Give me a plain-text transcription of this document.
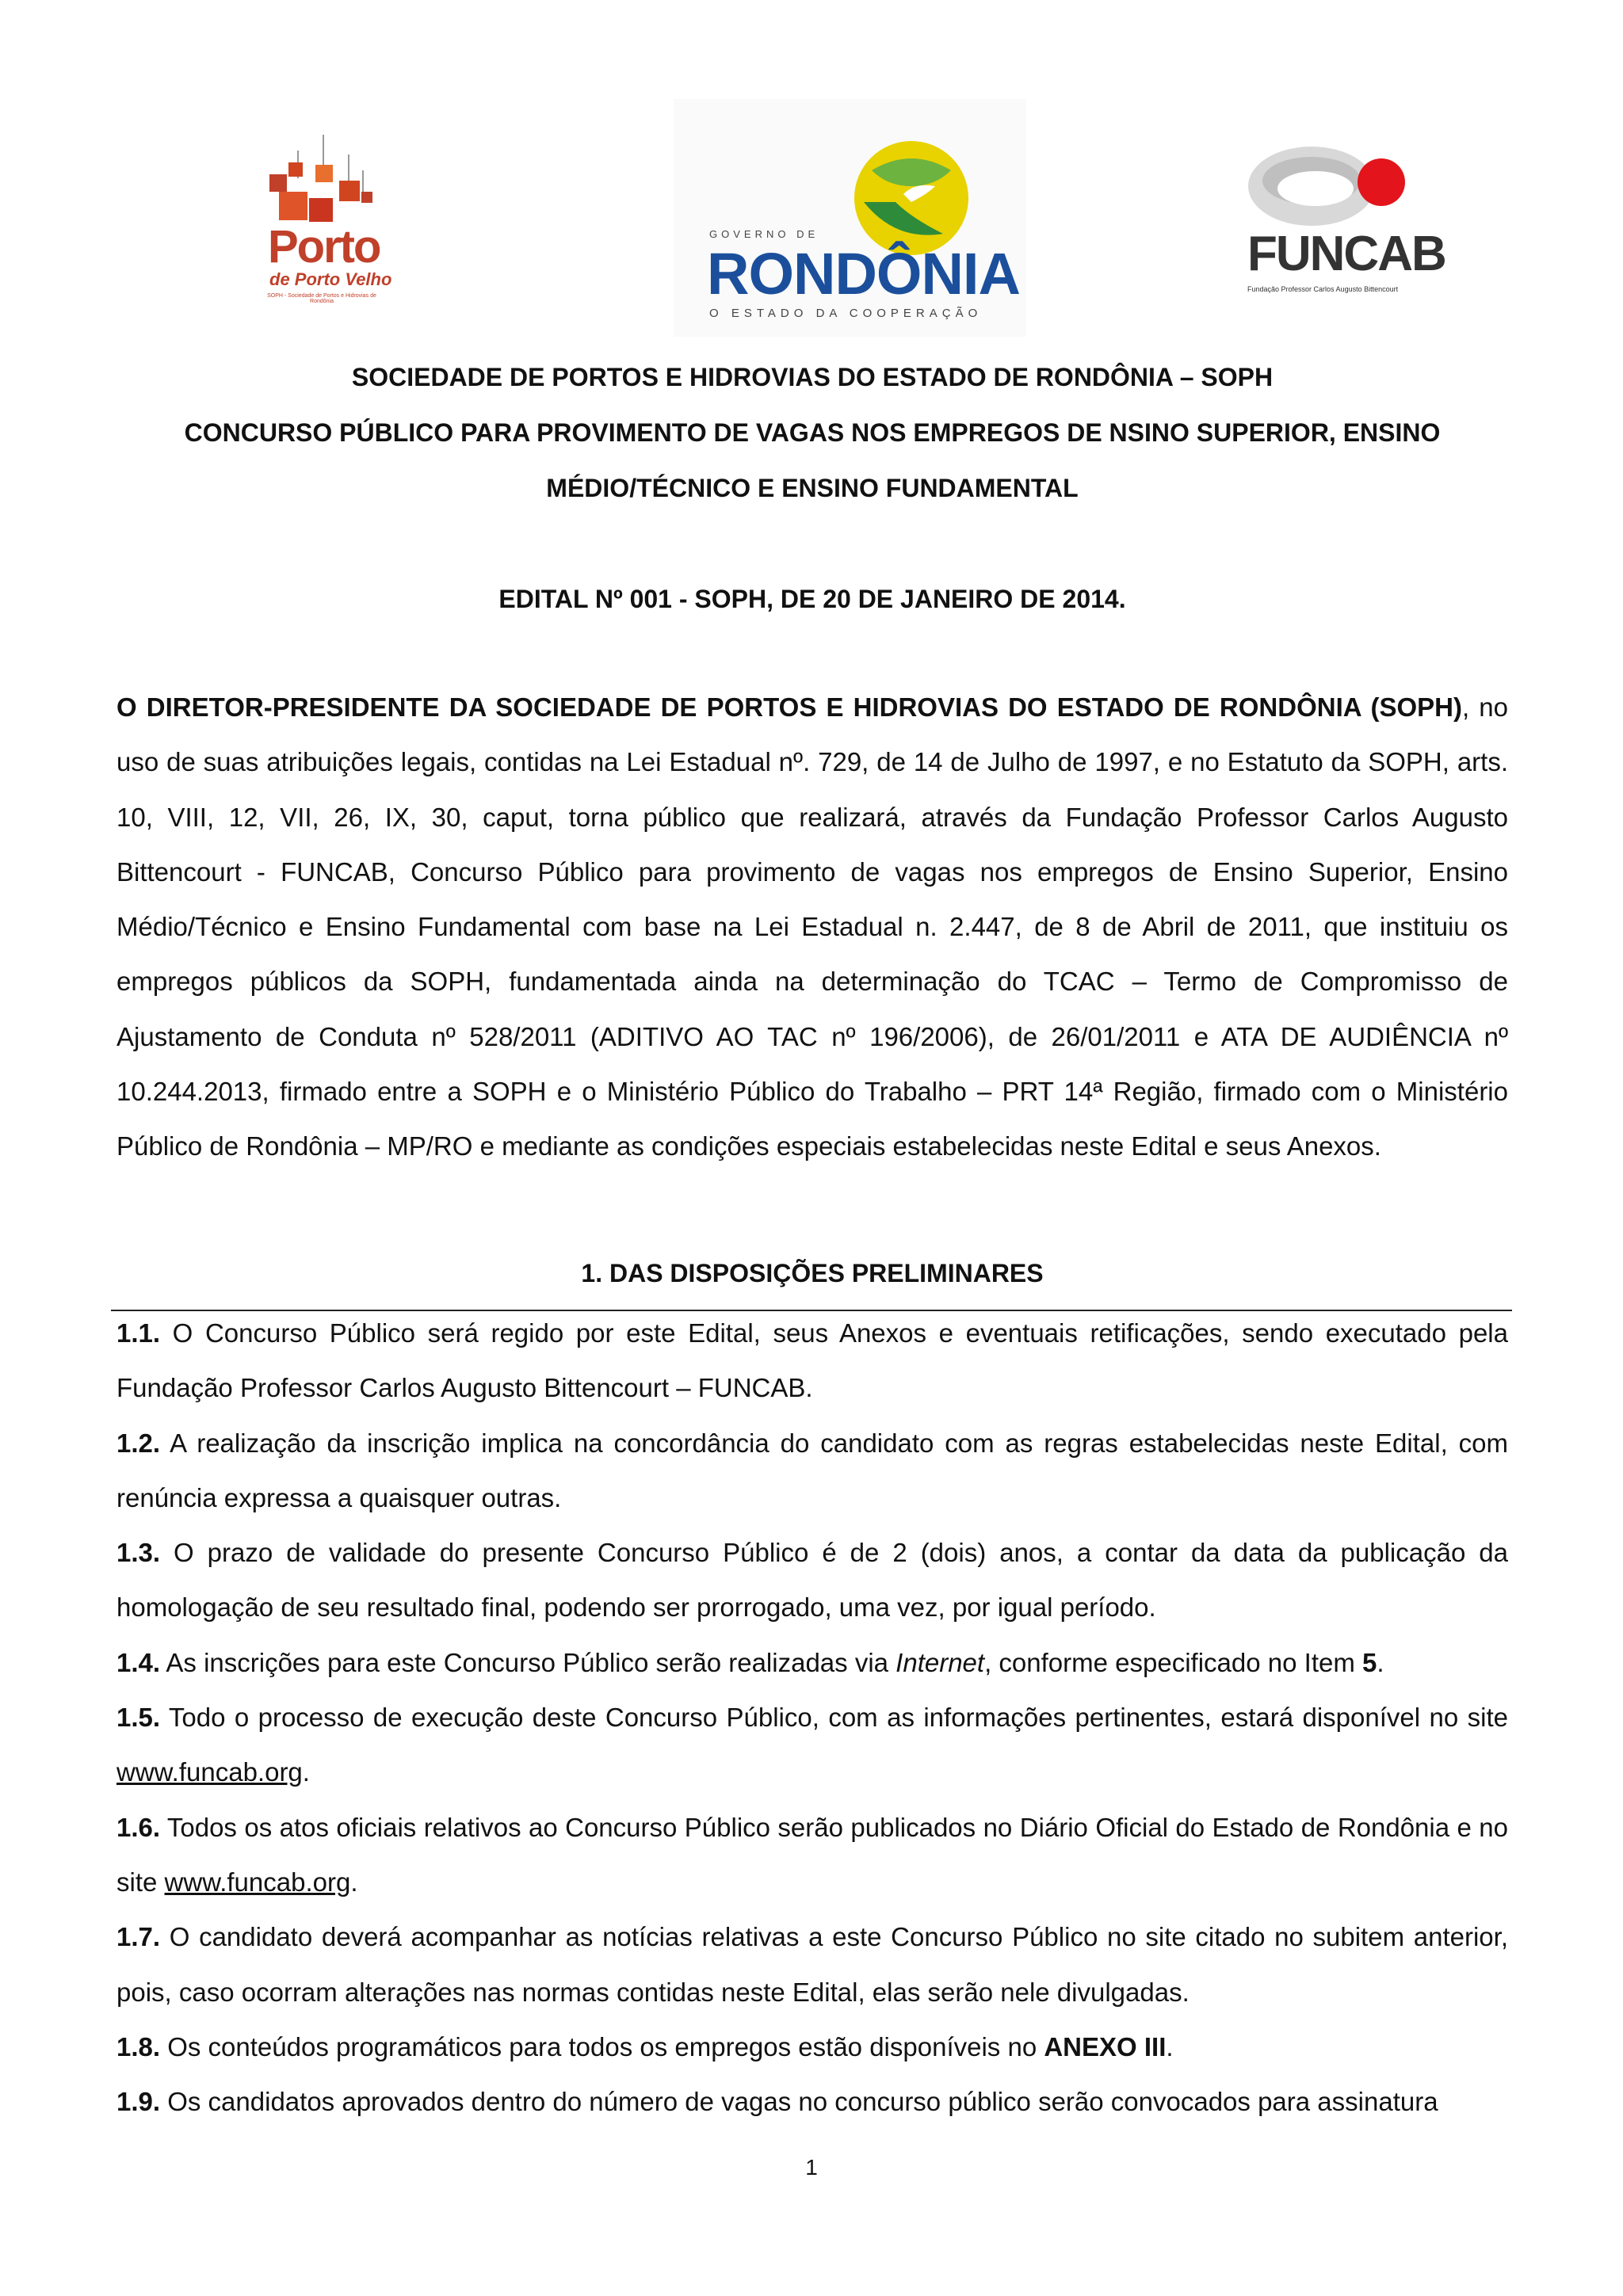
Porto
de Porto Velho
SOPH - Sociedade de Portos e Hidrovias de Rondônia
GOVERNO DE
RONDÔNIA
O ESTADO DA COOPERAÇÃO
FUNCAB
Fundação Professor Carlos Augusto Bittencourt
SOCIEDADE DE PORTOS E HIDROVIAS DO ESTADO DE RONDÔNIA – SOPH
CONCURSO PÚBLICO PARA PROVIMENTO DE VAGAS NOS EMPREGOS DE NSINO SUPERIOR, ENSINO
MÉDIO/TÉCNICO E ENSINO FUNDAMENTAL
EDITAL Nº 001 - SOPH, DE 20 DE JANEIRO DE 2014.
O DIRETOR-PRESIDENTE DA SOCIEDADE DE PORTOS E HIDROVIAS DO ESTADO DE RONDÔNIA (SOPH), no uso de suas atribuições legais, contidas na Lei Estadual nº. 729, de 14 de Julho de 1997, e no Estatuto da SOPH, arts. 10, VIII, 12, VII, 26, IX, 30, caput, torna público que realizará, através da Fundação Professor Carlos Augusto Bittencourt - FUNCAB, Concurso Público para provimento de vagas nos empregos de Ensino Superior, Ensino Médio/Técnico e Ensino Fundamental com base na Lei Estadual n. 2.447, de 8 de Abril de 2011, que instituiu os empregos públicos da SOPH, fundamentada ainda na determinação do TCAC – Termo de Compromisso de Ajustamento de Conduta nº 528/2011 (ADITIVO AO TAC nº 196/2006), de 26/01/2011 e ATA DE AUDIÊNCIA nº 10.244.2013, firmado entre a SOPH e o Ministério Público do Trabalho – PRT 14ª Região, firmado com o Ministério Público de Rondônia – MP/RO e mediante as condições especiais estabelecidas neste Edital e seus Anexos.
1. DAS DISPOSIÇÕES PRELIMINARES

1.1. O Concurso Público será regido por este Edital, seus Anexos e eventuais retificações, sendo executado pela Fundação Professor Carlos Augusto Bittencourt – FUNCAB.

1.2. A realização da inscrição implica na concordância do candidato com as regras estabelecidas neste Edital, com renúncia expressa a quaisquer outras.

1.3. O prazo de validade do presente Concurso Público é de 2 (dois) anos, a contar da data da publicação da homologação de seu resultado final, podendo ser prorrogado, uma vez, por igual período.

1.4. As inscrições para este Concurso Público serão realizadas via Internet, conforme especificado no Item 5.

1.5. Todo o processo de execução deste Concurso Público, com as informações pertinentes, estará disponível no site www.funcab.org.

1.6. Todos os atos oficiais relativos ao Concurso Público serão publicados no Diário Oficial do Estado de Rondônia e no site www.funcab.org.

1.7. O candidato deverá acompanhar as notícias relativas a este Concurso Público no site citado no subitem anterior, pois, caso ocorram alterações nas normas contidas neste Edital, elas serão nele divulgadas.

1.8. Os conteúdos programáticos para todos os empregos estão disponíveis no ANEXO III.

1.9. Os candidatos aprovados dentro do número de vagas no concurso público serão convocados para assinatura

1
